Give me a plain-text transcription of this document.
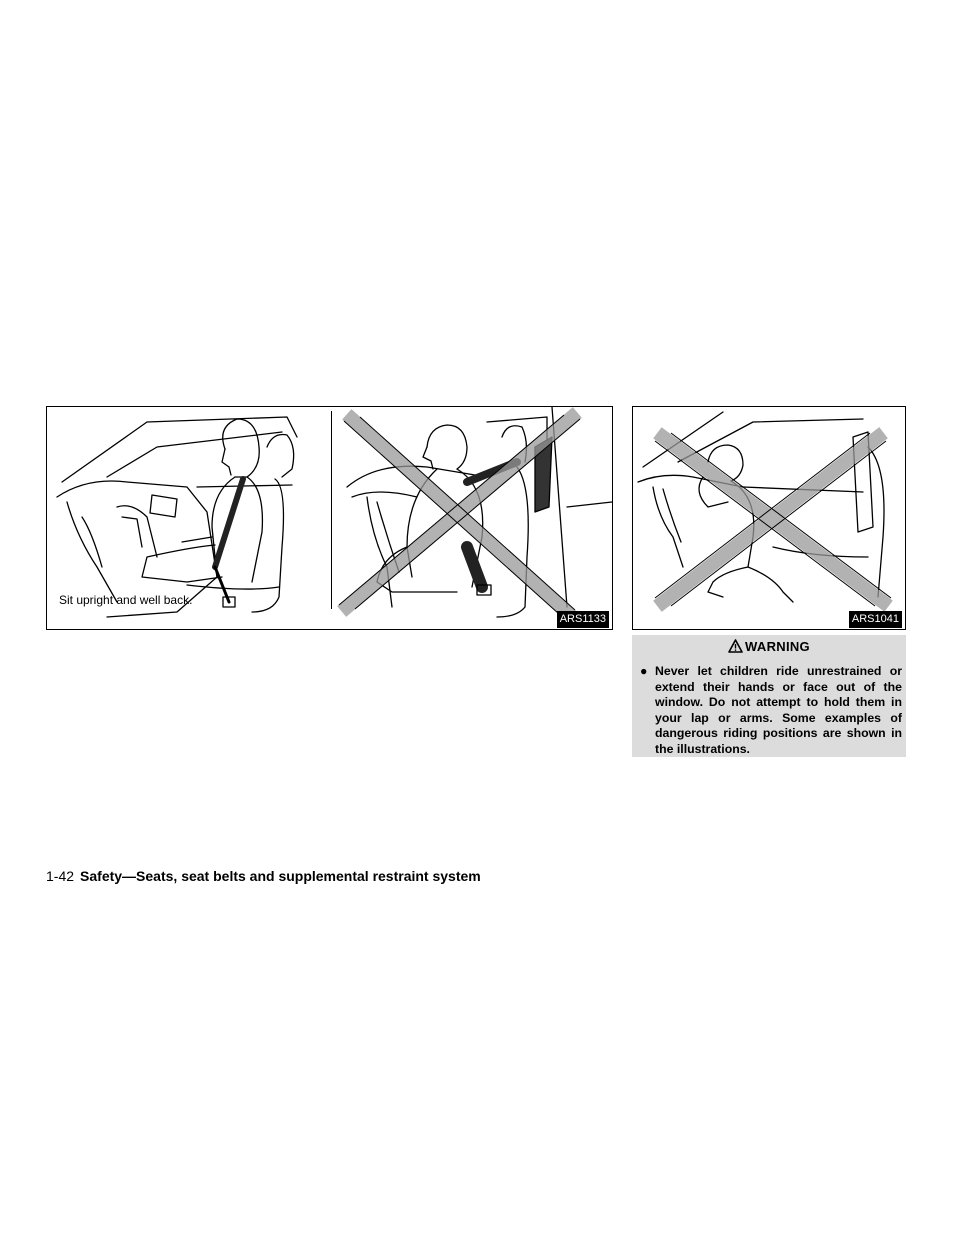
Sit upright and well back.
ARS1133	ARS1041
WARNING
● Never let children ride unrestrained or extend their hands or face out of the window. Do not attempt to hold them in your lap or arms. Some examples of dangerous riding positions are shown in the illustrations.
1-42 Safety—Seats, seat belts and supplemental restraint system
